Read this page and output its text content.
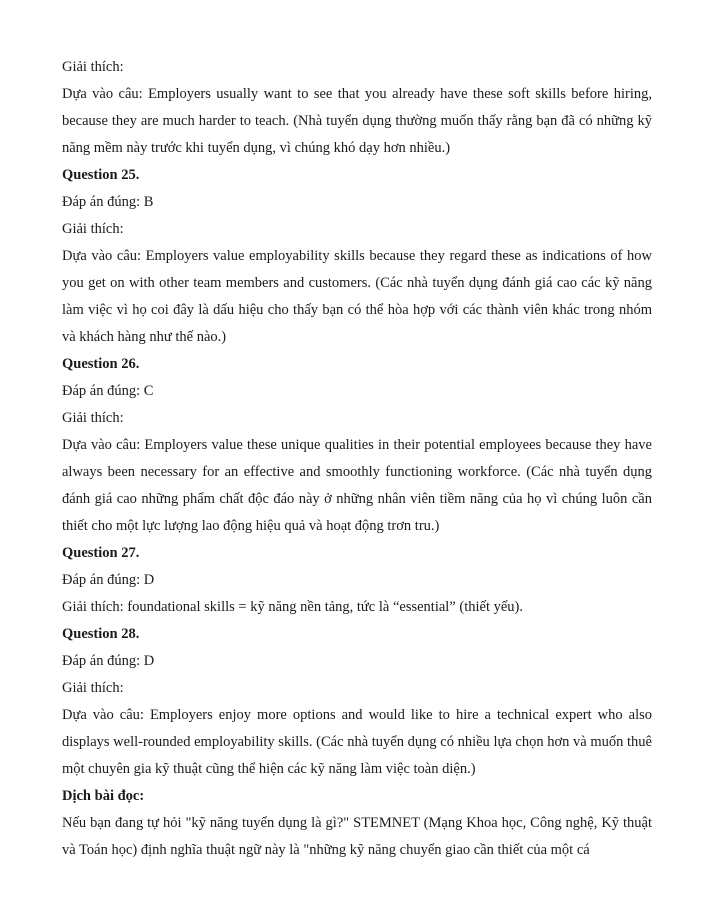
Giải thích:
Dựa vào câu: Employers usually want to see that you already have these soft skills before hiring, because they are much harder to teach. (Nhà tuyển dụng thường muốn thấy rằng bạn đã có những kỹ năng mềm này trước khi tuyển dụng, vì chúng khó dạy hơn nhiều.)
Question 25.
Đáp án đúng: B
Giải thích:
Dựa vào câu: Employers value employability skills because they regard these as indications of how you get on with other team members and customers. (Các nhà tuyển dụng đánh giá cao các kỹ năng làm việc vì họ coi đây là dấu hiệu cho thấy bạn có thể hòa hợp với các thành viên khác trong nhóm và khách hàng như thế nào.)
Question 26.
Đáp án đúng: C
Giải thích:
Dựa vào câu: Employers value these unique qualities in their potential employees because they have always been necessary for an effective and smoothly functioning workforce. (Các nhà tuyển dụng đánh giá cao những phẩm chất độc đáo này ở những nhân viên tiềm năng của họ vì chúng luôn cần thiết cho một lực lượng lao động hiệu quả và hoạt động trơn tru.)
Question 27.
Đáp án đúng: D
Giải thích: foundational skills = kỹ năng nền tảng, tức là “essential” (thiết yếu).
Question 28.
Đáp án đúng: D
Giải thích:
Dựa vào câu: Employers enjoy more options and would like to hire a technical expert who also displays well-rounded employability skills. (Các nhà tuyển dụng có nhiều lựa chọn hơn và muốn thuê một chuyên gia kỹ thuật cũng thể hiện các kỹ năng làm việc toàn diện.)
Dịch bài đọc:
Nếu bạn đang tự hỏi "kỹ năng tuyển dụng là gì?" STEMNET (Mạng Khoa học, Công nghệ, Kỹ thuật và Toán học) định nghĩa thuật ngữ này là "những kỹ năng chuyển giao cần thiết của một cá
